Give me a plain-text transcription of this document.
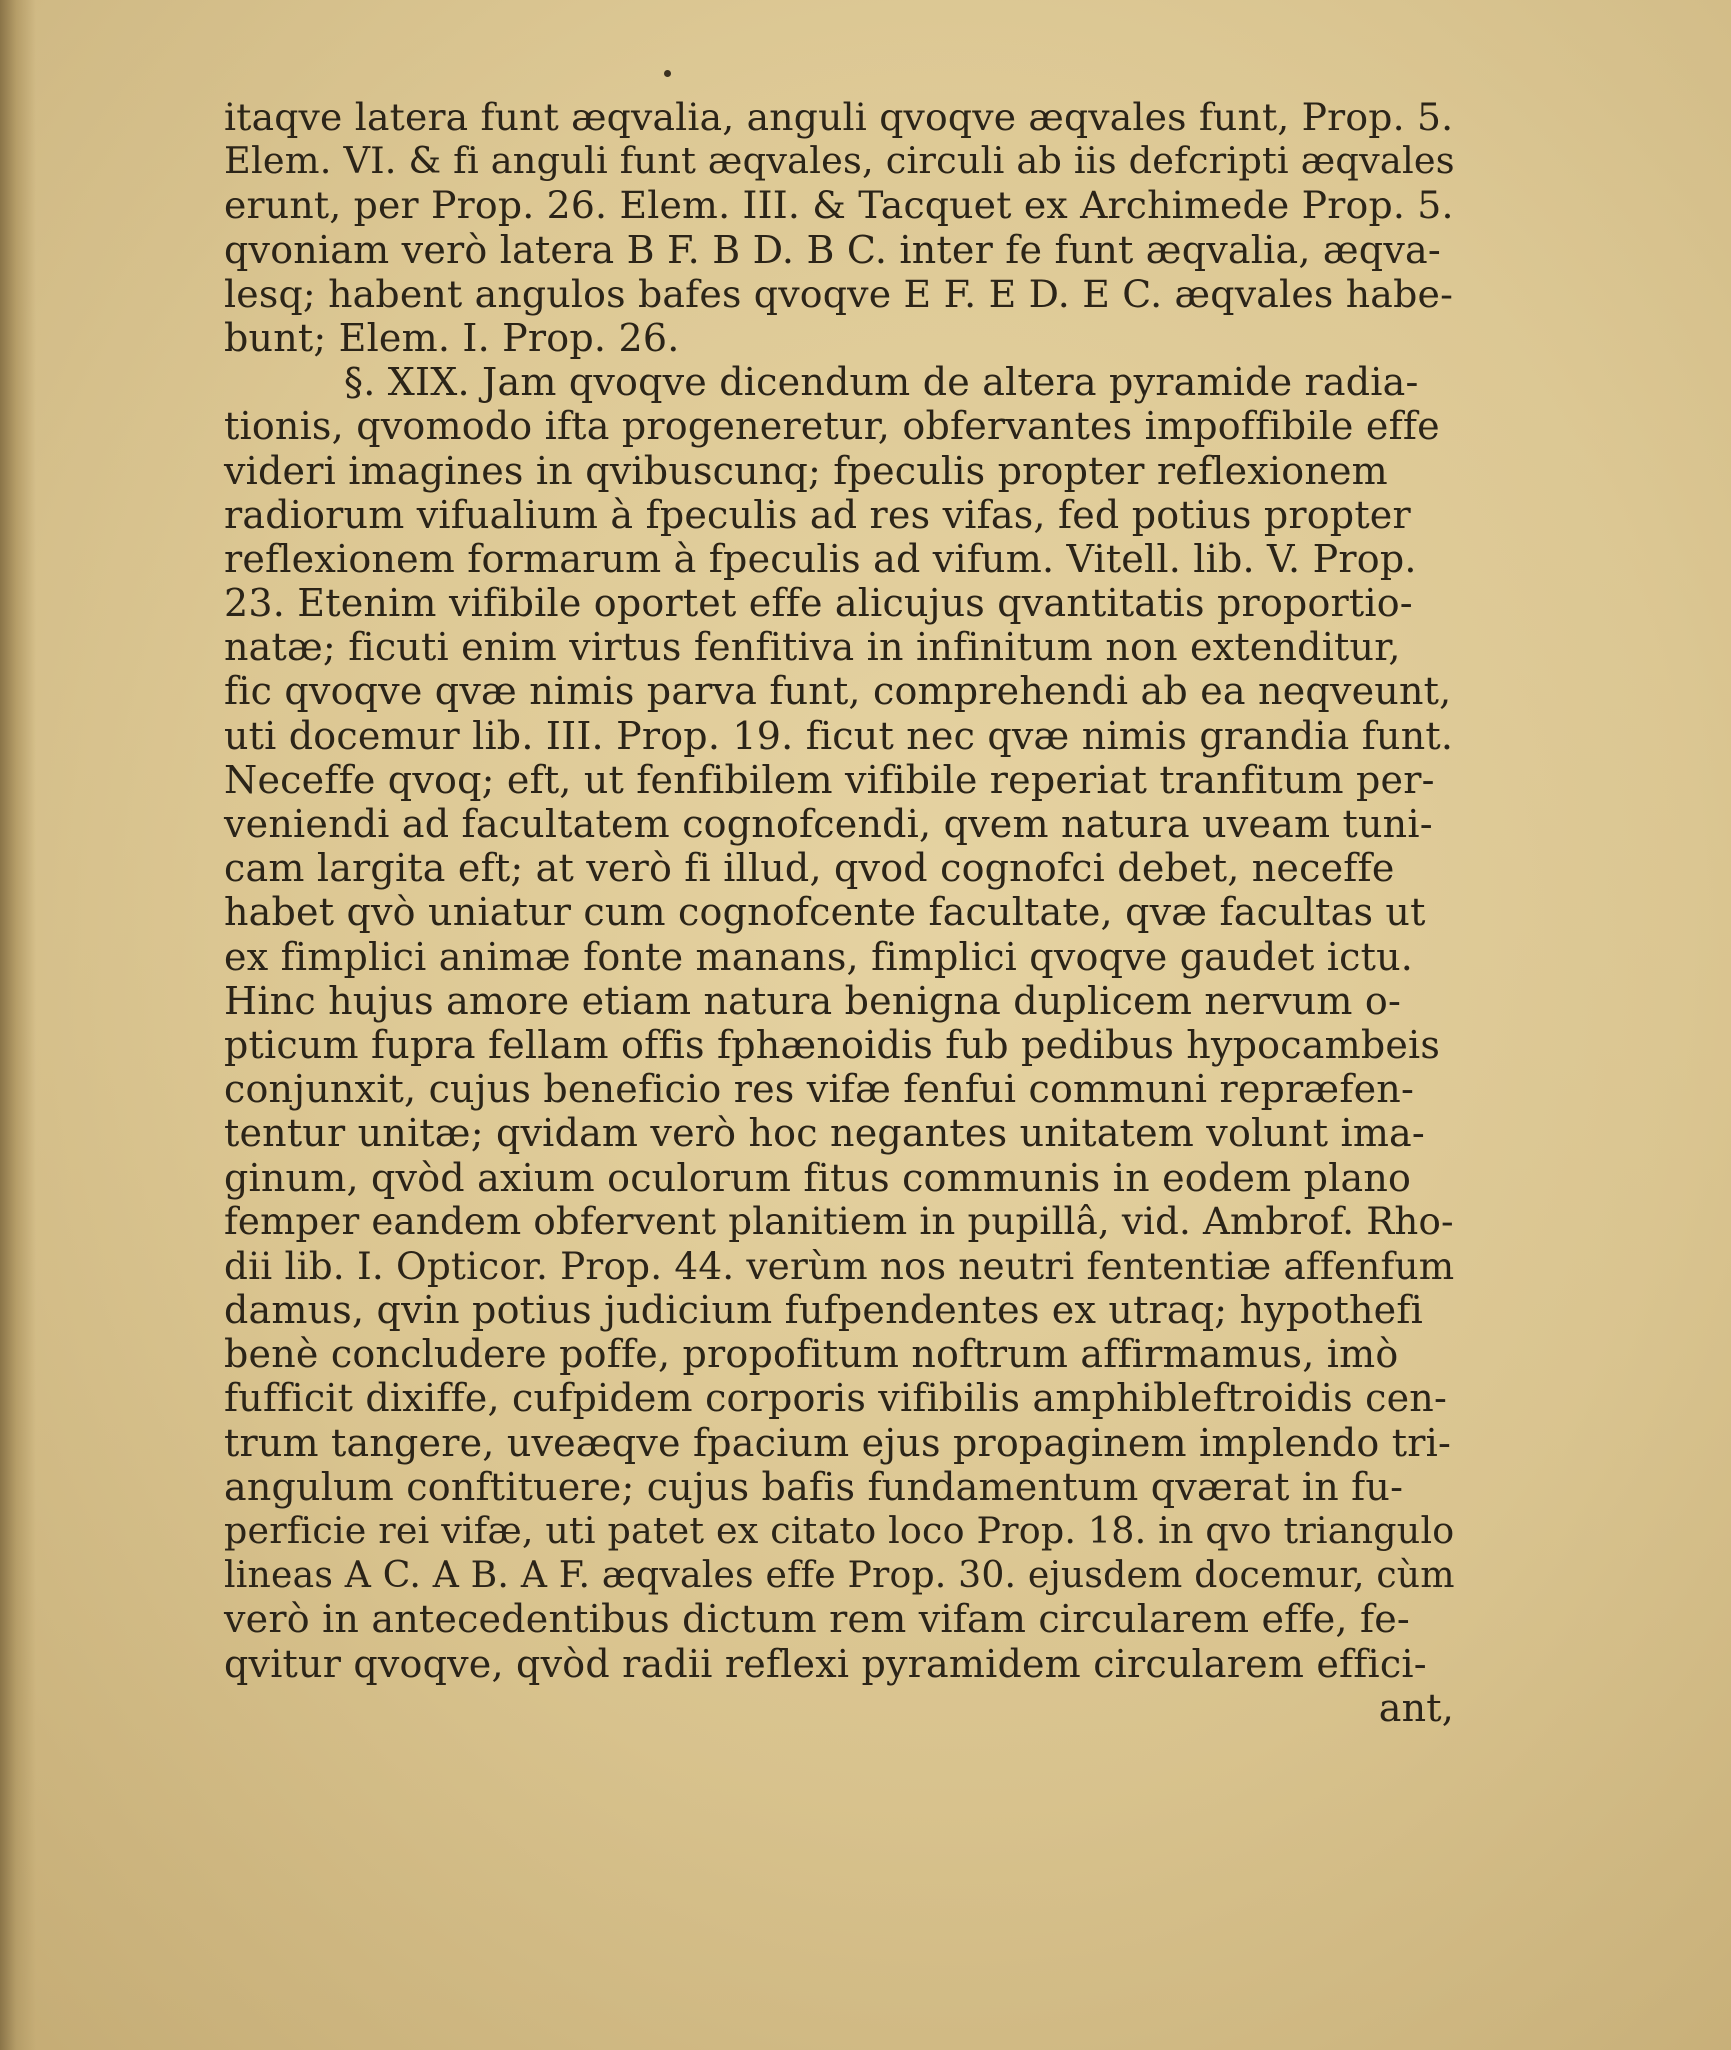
itaqve latera funt æqvalia, anguli qvoqve æqvales funt, Prop. 5.
Elem. VI. & fi anguli funt æqvales, circuli ab iis defcripti æqvales
erunt, per Prop. 26. Elem. III. & Tacquet ex Archimede Prop. 5.
qvoniam verò latera B F. B D. B C. inter fe funt æqvalia, æqva-
lesq; habent angulos bafes qvoqve E F. E D. E C. æqvales habe-
bunt; Elem. I. Prop. 26.
§. XIX. Jam qvoqve dicendum de altera pyramide radia-
tionis, qvomodo ifta progeneretur, obfervantes impoffibile effe
videri imagines in qvibuscunq; fpeculis propter reflexionem
radiorum vifualium à fpeculis ad res vifas, fed potius propter
reflexionem formarum à fpeculis ad vifum. Vitell. lib. V. Prop.
23. Etenim vifibile oportet effe alicujus qvantitatis proportio-
natæ; ficuti enim virtus fenfitiva in infinitum non extenditur,
fic qvoqve qvæ nimis parva funt, comprehendi ab ea neqveunt,
uti docemur lib. III. Prop. 19. ficut nec qvæ nimis grandia funt.
Neceffe qvoq; eft, ut fenfibilem vifibile reperiat tranfitum per-
veniendi ad facultatem cognofcendi, qvem natura uveam tuni-
cam largita eft; at verò fi illud, qvod cognofci debet, neceffe
habet qvò uniatur cum cognofcente facultate, qvæ facultas ut
ex fimplici animæ fonte manans, fimplici qvoqve gaudet ictu.
Hinc hujus amore etiam natura benigna duplicem nervum o-
pticum fupra fellam offis fphænoidis fub pedibus hypocambeis
conjunxit, cujus beneficio res vifæ fenfui communi repræfen-
tentur unitæ; qvidam verò hoc negantes unitatem volunt ima-
ginum, qvòd axium oculorum fitus communis in eodem plano
femper eandem obfervent planitiem in pupillâ, vid. Ambrof. Rho-
dii lib. I. Opticor. Prop. 44. verùm nos neutri fententiæ affenfum
damus, qvin potius judicium fufpendentes ex utraq; hypothefi
benè concludere poffe, propofitum noftrum affirmamus, imò
fufficit dixiffe, cufpidem corporis vifibilis amphibleftroidis cen-
trum tangere, uveæqve fpacium ejus propaginem implendo tri-
angulum conftituere; cujus bafis fundamentum qværat in fu-
perficie rei vifæ, uti patet ex citato loco Prop. 18. in qvo triangulo
lineas A C. A B. A F. æqvales effe Prop. 30. ejusdem docemur, cùm
verò in antecedentibus dictum rem vifam circularem effe, fe-
qvitur qvoqve, qvòd radii reflexi pyramidem circularem effici-
ant,
